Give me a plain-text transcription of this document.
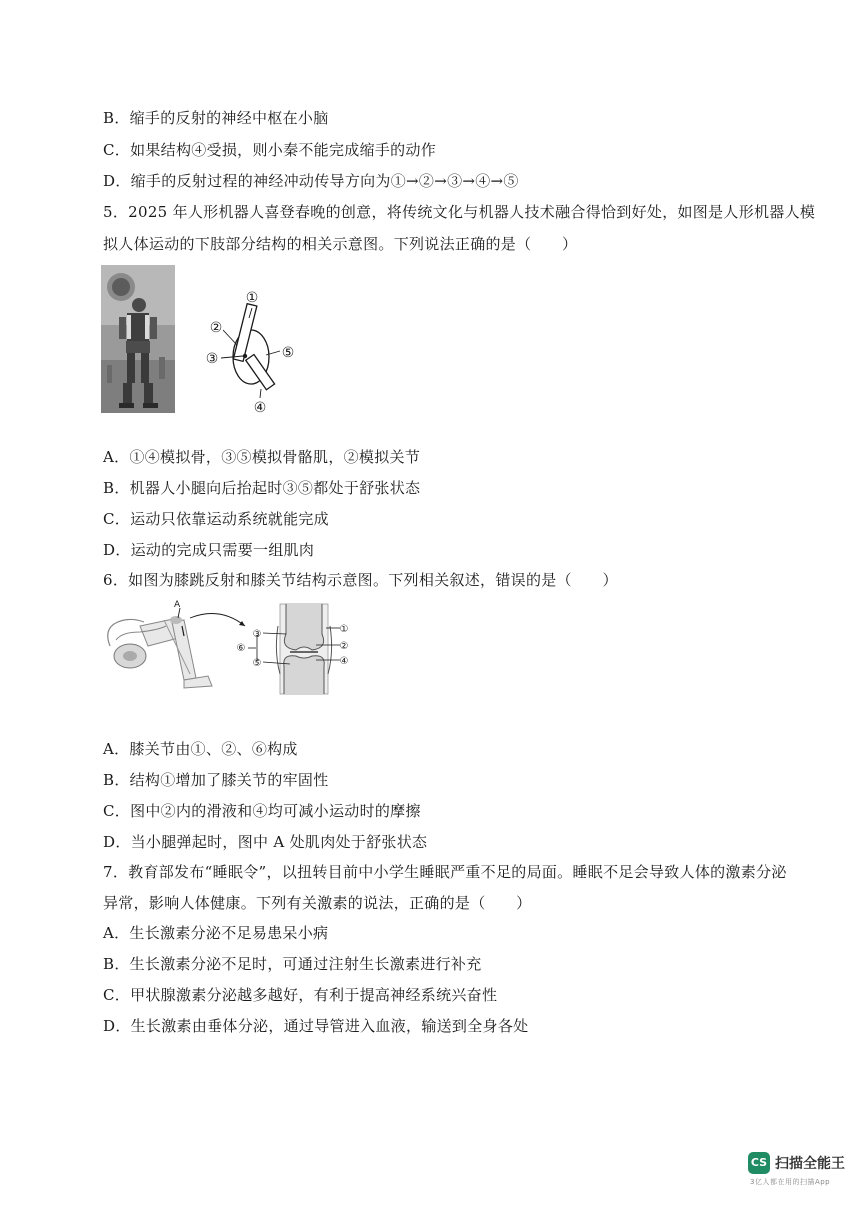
B．缩手的反射的神经中枢在小脑
C．如果结构④受损，则小秦不能完成缩手的动作
D．缩手的反射过程的神经冲动传导方向为①→②→③→④→⑤
5．2025 年人形机器人喜登春晚的创意，将传统文化与机器人技术融合得恰到好处，如图是人形机器人模
拟人体运动的下肢部分结构的相关示意图。下列说法正确的是（　　）
①
②
③
④
⑤
A．①④模拟骨，③⑤模拟骨骼肌，②模拟关节
B．机器人小腿向后抬起时③⑤都处于舒张状态
C．运动只依靠运动系统就能完成
D．运动的完成只需要一组肌肉
6．如图为膝跳反射和膝关节结构示意图。下列相关叙述，错误的是（　　）
A
③
⑤
⑥
①
②
④
A．膝关节由①、②、⑥构成
B．结构①增加了膝关节的牢固性
C．图中②内的滑液和④均可减小运动时的摩擦
D．当小腿弹起时，图中 A 处肌肉处于舒张状态
7．教育部发布“睡眠令”，以扭转目前中小学生睡眠严重不足的局面。睡眠不足会导致人体的激素分泌
异常，影响人体健康。下列有关激素的说法，正确的是（　　）
A．生长激素分泌不足易患呆小病
B．生长激素分泌不足时，可通过注射生长激素进行补充
C．甲状腺激素分泌越多越好，有利于提高神经系统兴奋性
D．生长激素由垂体分泌，通过导管进入血液，输送到全身各处
CS 扫描全能王
3亿人都在用的扫描App
